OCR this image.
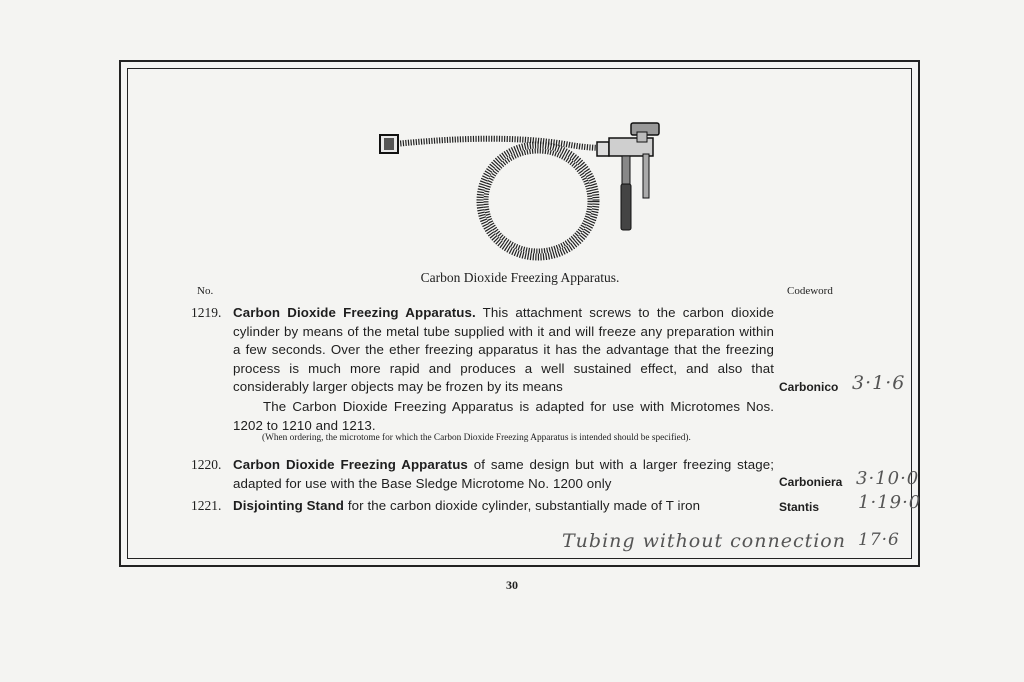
Carbon Dioxide Freezing Apparatus.
No.	Codeword
1219. Carbon Dioxide Freezing Apparatus. This attachment screws to the carbon dioxide cylinder by means of the metal tube supplied with it and will freeze any preparation within a few seconds. Over the ether freezing apparatus it has the advantage that the freezing process is much more rapid and produces a well sustained effect, and also that considerably larger objects may be frozen by its means
The Carbon Dioxide Freezing Apparatus is adapted for use with Microtomes Nos. 1202 to 1210 and 1213.
(When ordering, the microtome for which the Carbon Dioxide Freezing Apparatus is intended should be specified).
Carbonico 3·1·6
1220. Carbon Dioxide Freezing Apparatus of same design but with a larger freezing stage; adapted for use with the Base Sledge Microtome No. 1200 only	Carboniera 3·10·0
1221. Disjointing Stand for the carbon dioxide cylinder, substantially made of T iron	Stantis 1·19·0
Tubing without connection 17·6
30
